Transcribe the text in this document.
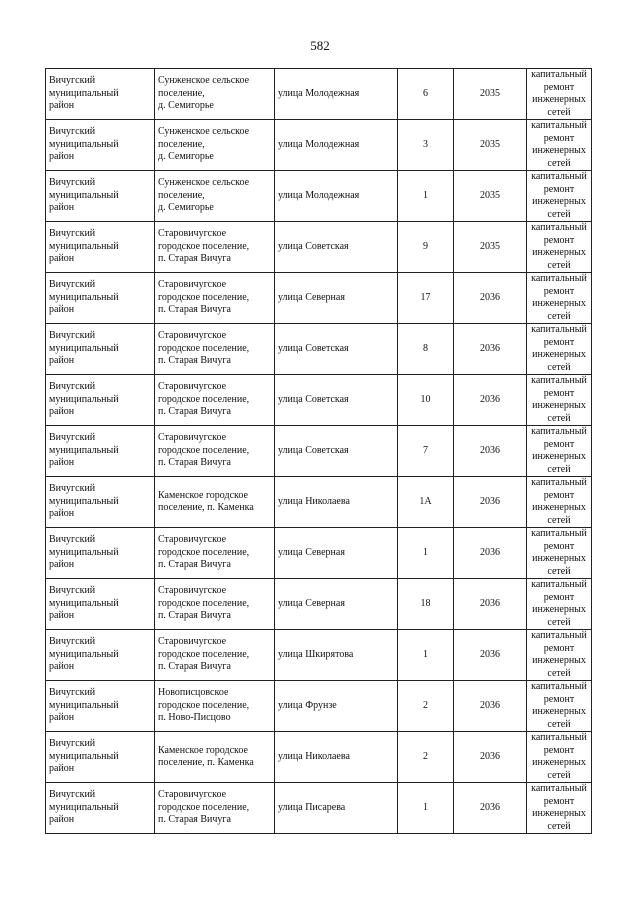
582
Вичугский
муниципальный
район	Сунженское сельское
поселение,
д. Семигорье	улица Молодежная	6	2035	капитальный
ремонт
инженерных
сетей
Вичугский
муниципальный
район	Сунженское сельское
поселение,
д. Семигорье	улица Молодежная	3	2035	капитальный
ремонт
инженерных
сетей
Вичугский
муниципальный
район	Сунженское сельское
поселение,
д. Семигорье	улица Молодежная	1	2035	капитальный
ремонт
инженерных
сетей
Вичугский
муниципальный
район	Старовичугское
городское поселение,
п. Старая Вичуга	улица Советская	9	2035	капитальный
ремонт
инженерных
сетей
Вичугский
муниципальный
район	Старовичугское
городское поселение,
п. Старая Вичуга	улица Северная	17	2036	капитальный
ремонт
инженерных
сетей
Вичугский
муниципальный
район	Старовичугское
городское поселение,
п. Старая Вичуга	улица Советская	8	2036	капитальный
ремонт
инженерных
сетей
Вичугский
муниципальный
район	Старовичугское
городское поселение,
п. Старая Вичуга	улица Советская	10	2036	капитальный
ремонт
инженерных
сетей
Вичугский
муниципальный
район	Старовичугское
городское поселение,
п. Старая Вичуга	улица Советская	7	2036	капитальный
ремонт
инженерных
сетей
Вичугский
муниципальный
район	Каменское городское
поселение, п. Каменка	улица Николаева	1А	2036	капитальный
ремонт
инженерных
сетей
Вичугский
муниципальный
район	Старовичугское
городское поселение,
п. Старая Вичуга	улица Северная	1	2036	капитальный
ремонт
инженерных
сетей
Вичугский
муниципальный
район	Старовичугское
городское поселение,
п. Старая Вичуга	улица Северная	18	2036	капитальный
ремонт
инженерных
сетей
Вичугский
муниципальный
район	Старовичугское
городское поселение,
п. Старая Вичуга	улица Шкирятова	1	2036	капитальный
ремонт
инженерных
сетей
Вичугский
муниципальный
район	Новописцовское
городское поселение,
п. Ново-Писцово	улица Фрунзе	2	2036	капитальный
ремонт
инженерных
сетей
Вичугский
муниципальный
район	Каменское городское
поселение, п. Каменка	улица Николаева	2	2036	капитальный
ремонт
инженерных
сетей
Вичугский
муниципальный
район	Старовичугское
городское поселение,
п. Старая Вичуга	улица Писарева	1	2036	капитальный
ремонт
инженерных
сетей
